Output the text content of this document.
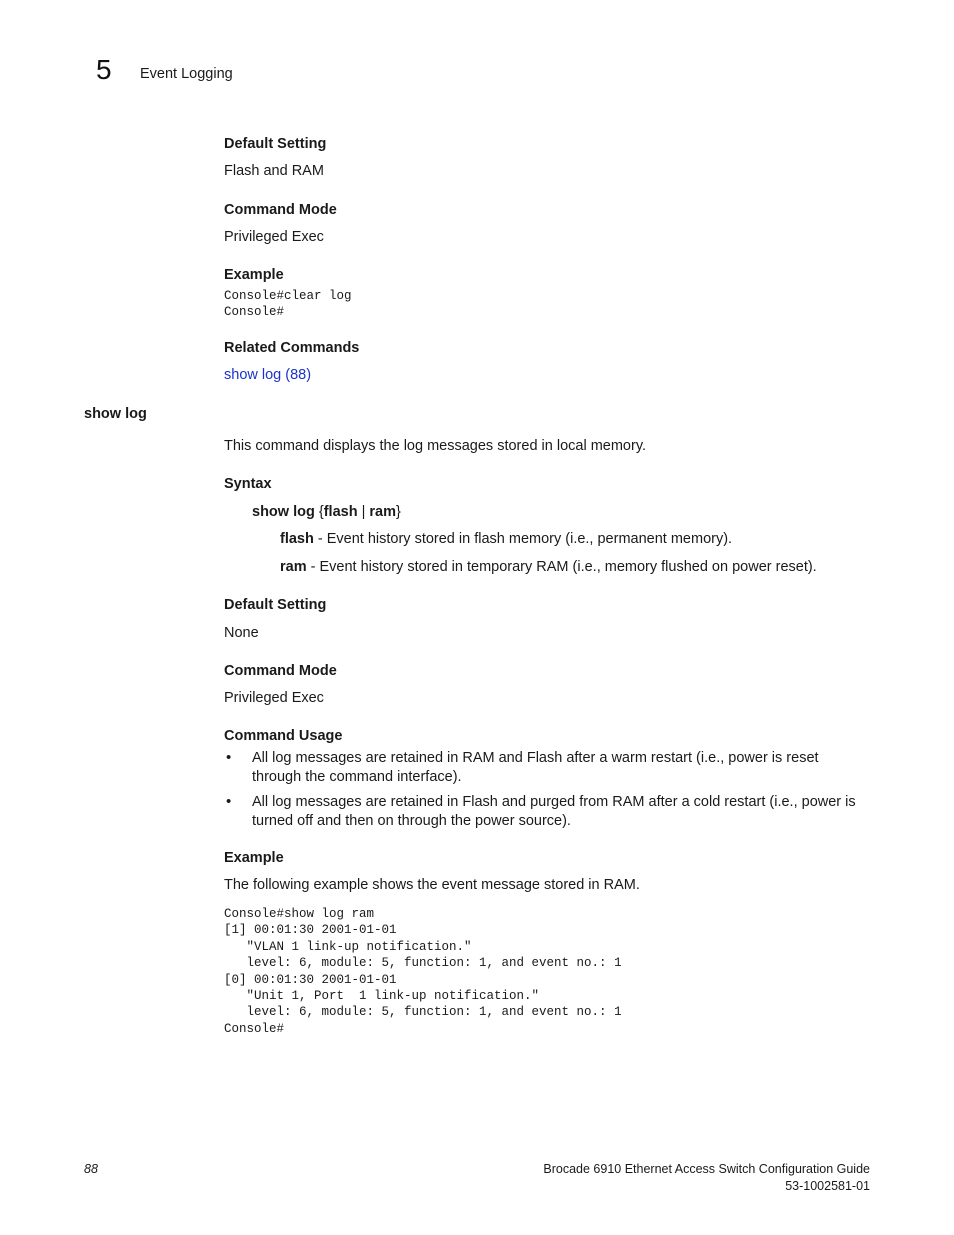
5 Event Logging
Default Setting
Flash and RAM
Command Mode
Privileged Exec
Example
Console#clear log
Console#
Related Commands
show log (88)
show log
This command displays the log messages stored in local memory.
Syntax
show log {flash | ram}
flash - Event history stored in flash memory (i.e., permanent memory).
ram - Event history stored in temporary RAM (i.e., memory flushed on power reset).
Default Setting
None
Command Mode
Privileged Exec
Command Usage
• All log messages are retained in RAM and Flash after a warm restart (i.e., power is reset
through the command interface).
• All log messages are retained in Flash and purged from RAM after a cold restart (i.e., power is
turned off and then on through the power source).
Example
The following example shows the event message stored in RAM.
Console#show log ram
[1] 00:01:30 2001-01-01
"VLAN 1 link-up notification."
level: 6, module: 5, function: 1, and event no.: 1
[0] 00:01:30 2001-01-01
"Unit 1, Port  1 link-up notification."
level: 6, module: 5, function: 1, and event no.: 1
Console#
88	Brocade 6910 Ethernet Access Switch Configuration Guide
53-1002581-01
